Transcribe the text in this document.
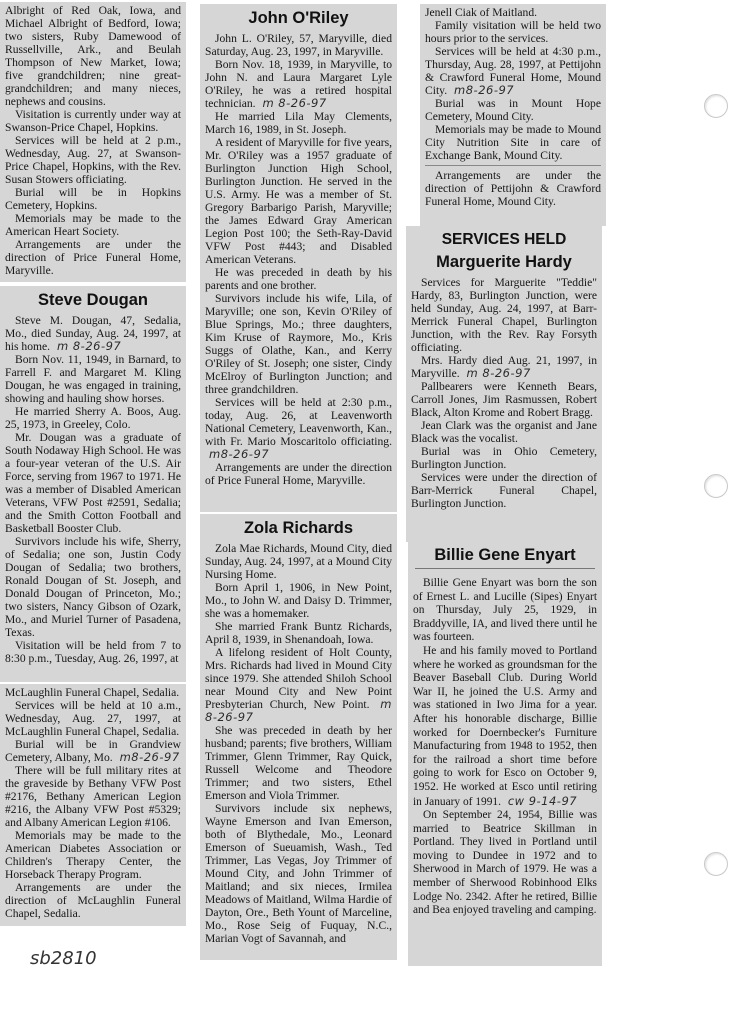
Albright of Red Oak, Iowa, and Michael Albright of Bedford, Iowa; two sisters, Ruby Damewood of Russellville, Ark., and Beulah Thompson of New Market, Iowa; five grandchildren; nine great-grandchildren; and many nieces, nephews and cousins.

Visitation is currently under way at Swanson-Price Chapel, Hopkins.

Services will be held at 2 p.m., Wednesday, Aug. 27, at Swanson-Price Chapel, Hopkins, with the Rev. Susan Stowers officiating.

Burial will be in Hopkins Cemetery, Hopkins.

Memorials may be made to the American Heart Society.

Arrangements are under the direction of Price Funeral Home, Maryville.

Steve Dougan

Steve M. Dougan, 47, Sedalia, Mo., died Sunday, Aug. 24, 1997, at his home. m 8-26-97

Born Nov. 11, 1949, in Barnard, to Farrell F. and Margaret M. Kling Dougan, he was engaged in training, showing and hauling show horses.

He married Sherry A. Boos, Aug. 25, 1973, in Greeley, Colo.

Mr. Dougan was a graduate of South Nodaway High School. He was a four-year veteran of the U.S. Air Force, serving from 1967 to 1971. He was a member of Disabled American Veterans, VFW Post #2591, Sedalia; and the Smith Cotton Football and Basketball Booster Club.

Survivors include his wife, Sherry, of Sedalia; one son, Justin Cody Dougan of Sedalia; two brothers, Ronald Dougan of St. Joseph, and Donald Dougan of Princeton, Mo.; two sisters, Nancy Gibson of Ozark, Mo., and Muriel Turner of Pasadena, Texas.

Visitation will be held from 7 to 8:30 p.m., Tuesday, Aug. 26, 1997, at

McLaughlin Funeral Chapel, Sedalia.

Services will be held at 10 a.m., Wednesday, Aug. 27, 1997, at McLaughlin Funeral Chapel, Sedalia.

Burial will be in Grandview Cemetery, Albany, Mo. m8-26-97

There will be full military rites at the graveside by Bethany VFW Post #2176, Bethany American Legion #216, the Albany VFW Post #5329; and Albany American Legion #106.

Memorials may be made to the American Diabetes Association or Children's Therapy Center, the Horseback Therapy Program.

Arrangements are under the direction of McLaughlin Funeral Chapel, Sedalia.

John O'Riley

John L. O'Riley, 57, Maryville, died Saturday, Aug. 23, 1997, in Maryville.

Born Nov. 18, 1939, in Maryville, to John N. and Laura Margaret Lyle O'Riley, he was a retired hospital technician. m 8-26-97

He married Lila May Clements, March 16, 1989, in St. Joseph.

A resident of Maryville for five years, Mr. O'Riley was a 1957 graduate of Burlington Junction High School, Burlington Junction. He served in the U.S. Army. He was a member of St. Gregory Barbarigo Parish, Maryville; the James Edward Gray American Legion Post 100; the Seth-Ray-David VFW Post #443; and Disabled American Veterans.

He was preceded in death by his parents and one brother.

Survivors include his wife, Lila, of Maryville; one son, Kevin O'Riley of Blue Springs, Mo.; three daughters, Kim Kruse of Raymore, Mo., Kris Suggs of Olathe, Kan., and Kerry O'Riley of St. Joseph; one sister, Cindy McElroy of Burlington Junction; and three grandchildren.

Services will be held at 2:30 p.m., today, Aug. 26, at Leavenworth National Cemetery, Leavenworth, Kan., with Fr. Mario Moscaritolo officiating. m8-26-97

Arrangements are under the direction of Price Funeral Home, Maryville.

Zola Richards

Zola Mae Richards, Mound City, died Sunday, Aug. 24, 1997, at a Mound City Nursing Home.

Born April 1, 1906, in New Point, Mo., to John W. and Daisy D. Trimmer, she was a homemaker.

She married Frank Buntz Richards, April 8, 1939, in Shenandoah, Iowa.

A lifelong resident of Holt County, Mrs. Richards had lived in Mound City since 1979. She attended Shiloh School near Mound City and New Point Presbyterian Church, New Point. m 8-26-97

She was preceded in death by her husband; parents; five brothers, William Trimmer, Glenn Trimmer, Ray Quick, Russell Welcome and Theodore Trimmer; and two sisters, Ethel Emerson and Viola Trimmer.

Survivors include six nephews, Wayne Emerson and Ivan Emerson, both of Blythedale, Mo., Leonard Emerson of Sueuamish, Wash., Ted Trimmer, Las Vegas, Joy Trimmer of Mound City, and John Trimmer of Maitland; and six nieces, Irmilea Meadows of Maitland, Wilma Hardie of Dayton, Ore., Beth Yount of Marceline, Mo., Rose Seig of Fuquay, N.C., Marian Vogt of Savannah, and

Jenell Ciak of Maitland.

Family visitation will be held two hours prior to the services.

Services will be held at 4:30 p.m., Thursday, Aug. 28, 1997, at Pettijohn & Crawford Funeral Home, Mound City. m8-26-97

Burial was in Mount Hope Cemetery, Mound City.

Memorials may be made to Mound City Nutrition Site in care of Exchange Bank, Mound City.

Arrangements are under the direction of Pettijohn & Crawford Funeral Home, Mound City.

SERVICES HELD
Marguerite Hardy

Services for Marguerite "Teddie" Hardy, 83, Burlington Junction, were held Sunday, Aug. 24, 1997, at Barr-Merrick Funeral Chapel, Burlington Junction, with the Rev. Ray Forsyth officiating.

Mrs. Hardy died Aug. 21, 1997, in Maryville. m 8-26-97

Pallbearers were Kenneth Bears, Carroll Jones, Jim Rasmussen, Robert Black, Alton Krome and Robert Bragg.

Jean Clark was the organist and Jane Black was the vocalist.

Burial was in Ohio Cemetery, Burlington Junction.

Services were under the direction of Barr-Merrick Funeral Chapel, Burlington Junction.

Billie Gene Enyart

Billie Gene Enyart was born the son of Ernest L. and Lucille (Sipes) Enyart on Thursday, July 25, 1929, in Braddyville, IA, and lived there until he was fourteen.

He and his family moved to Portland where he worked as groundsman for the Beaver Baseball Club. During World War II, he joined the U.S. Army and was stationed in Iwo Jima for a year. After his honorable discharge, Billie worked for Doernbecker's Furniture Manufacturing from 1948 to 1952, then for the railroad a short time before going to work for Esco on October 9, 1952. He worked at Esco until retiring in January of 1991. cw 9-14-97

On September 24, 1954, Billie was married to Beatrice Skillman in Portland. They lived in Portland until moving to Dundee in 1972 and to Sherwood in March of 1979. He was a member of Sherwood Robinhood Elks Lodge No. 2342. After he retired, Billie and Bea enjoyed traveling and camping.

sb2810
